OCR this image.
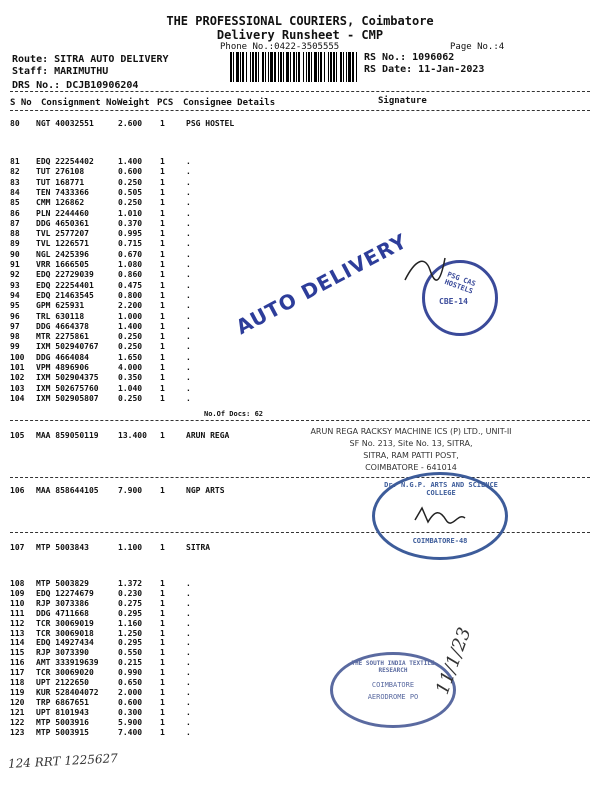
THE PROFESSIONAL COURIERS, Coimbatore
Delivery Runsheet - CMP
Phone No.:0422-3505555	Page No.:4
Route: SITRA AUTO DELIVERY
Staff: MARIMUTHU
DRS No.: DCJB10906204
RS No.: 1096062
RS Date: 11-Jan-2023
S No Consignment No Weight PCS Consignee Details	Signature
80 NGT 40032551	2.600 1	PSG HOSTEL
81 EDQ 22254402	1.400 1	.
82 TUT 276108	0.600 1	.
83 TUT 168771	0.250 1	.
84 TEN 7433366	0.505 1	.
85 CMM 126862	0.250 1	.
86 PLN 2244460	1.010 1	.
87 DDG 4650361	0.370 1	.
88 TVL 2577207	0.995 1	.
89 TVL 1226571	0.715 1	.
90 NGL 2425396	0.670 1	.
91 VRR 1666505	1.080 1	.
92 EDQ 22729039	0.860 1	.
93 EDQ 22254401	0.475 1	.
94 EDQ 21463545	0.800 1	.
95 GPM 625931	2.200 1	.
96 TRL 630118	1.000 1	.
97 DDG 4664378	1.400 1	.
98 MTR 2275861	0.250 1	.
99 IXM 502940767 0.250 1	.
100 DDG 4664084	1.650 1	.
101 VPM 4896906	4.000 1	.
102 IXM 502904375 0.350 1	.
103 IXM 502675760 1.040 1	.
104 IXM 502905807 0.250 1	.
No.Of Docs: 62
105 MAA 859050119 13.400 1	ARUN REGA
106 MAA 858644105 7.900 1	NGP ARTS
107 MTP 5003843	1.100 1	SITRA
108 MTP 5003829	1.372 1	.
109 EDQ 12274679	0.230 1	.
110 RJP 3073386	0.275 1	.
111 DDG 4711668	0.295 1	.
112 TCR 30069019	1.160 1	.
113 TCR 30069018	1.250 1	.
114 EDQ 14927434	0.295 1	.
115 RJP 3073390	0.550 1	.
116 AMT 333919639 0.215 1	.
117 TCR 30069020	0.990 1	.
118 UPT 2122650	0.650 1	.
119 KUR 528404072 2.000 1	.
120 TRP 6867651	0.600 1	.
121 UPT 8101943	0.300 1	.
122 MTP 5003916	5.900 1	.
123 MTP 5003915	7.400 1	.
124 RRT 1225627
AUTO DELIVERY	PSG CAS HOSTELS
CBE-14
ARUN REGA RACKSY MACHINE ICS (P) LTD., UNIT-II
SF No. 213, Site No. 13, SITRA,
SITRA, RAM PATTI POST,
COIMBATORE - 641014
Dr. N.G.P. ARTS AND SCIENCE COLLEGE
COIMBATORE-48
THE SOUTH INDIA TEXTILE RESEARCH
COIMBATORE
AERODROME PO 11/1/23
